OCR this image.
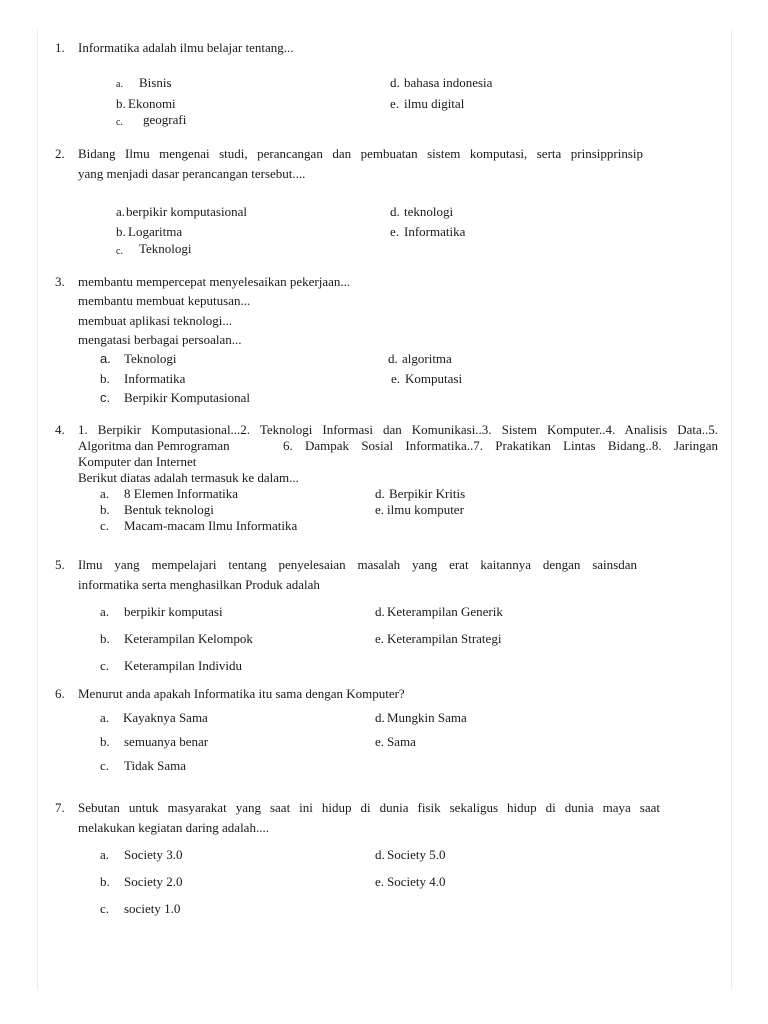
1. Informatika adalah ilmu belajar tentang...
a. Bisnis
b. Ekonomi
c. geografi
d. bahasa indonesia
e. ilmu digital
2. Bidang Ilmu mengenai studi, perancangan dan pembuatan sistem komputasi, serta prinsipprinsip
yang menjadi dasar perancangan tersebut....
a. berpikir komputasional
b. Logaritma
c. Teknologi
d. teknologi
e. Informatika
3. membantu mempercepat menyelesaikan pekerjaan...
membantu membuat keputusan...
membuat aplikasi teknologi...
mengatasi berbagai persoalan...
a. Teknologi
b. Informatika
c. Berpikir Komputasional
d. algoritma
e. Komputasi
4. 1. Berpikir Komputasional...2. Teknologi Informasi dan Komunikasi..3. Sistem Komputer..4. Analisis Data..5.
Algoritma dan Pemrograman	6. Dampak Sosial Informatika..7. Prakatikan Lintas Bidang..8. Jaringan
Komputer dan Internet
Berikut diatas adalah termasuk ke dalam...
a. 8 Elemen Informatika
b. Bentuk teknologi
c. Macam-macam Ilmu Informatika
d. Berpikir Kritis
e. ilmu komputer
5. Ilmu yang mempelajari tentang penyelesaian masalah yang erat kaitannya dengan sainsdan
informatika serta menghasilkan Produk adalah
a. berpikir komputasi
b. Keterampilan Kelompok
c. Keterampilan Individu
d. Keterampilan Generik
e. Keterampilan Strategi
6. Menurut anda apakah Informatika itu sama dengan Komputer?
a. Kayaknya Sama
b. semuanya benar
c. Tidak Sama
d. Mungkin Sama
e. Sama
7. Sebutan untuk masyarakat yang saat ini hidup di dunia fisik sekaligus hidup di dunia maya saat
melakukan kegiatan daring adalah....
a. Society 3.0
b. Society 2.0
c. society 1.0
d. Society 5.0
e. Society 4.0
